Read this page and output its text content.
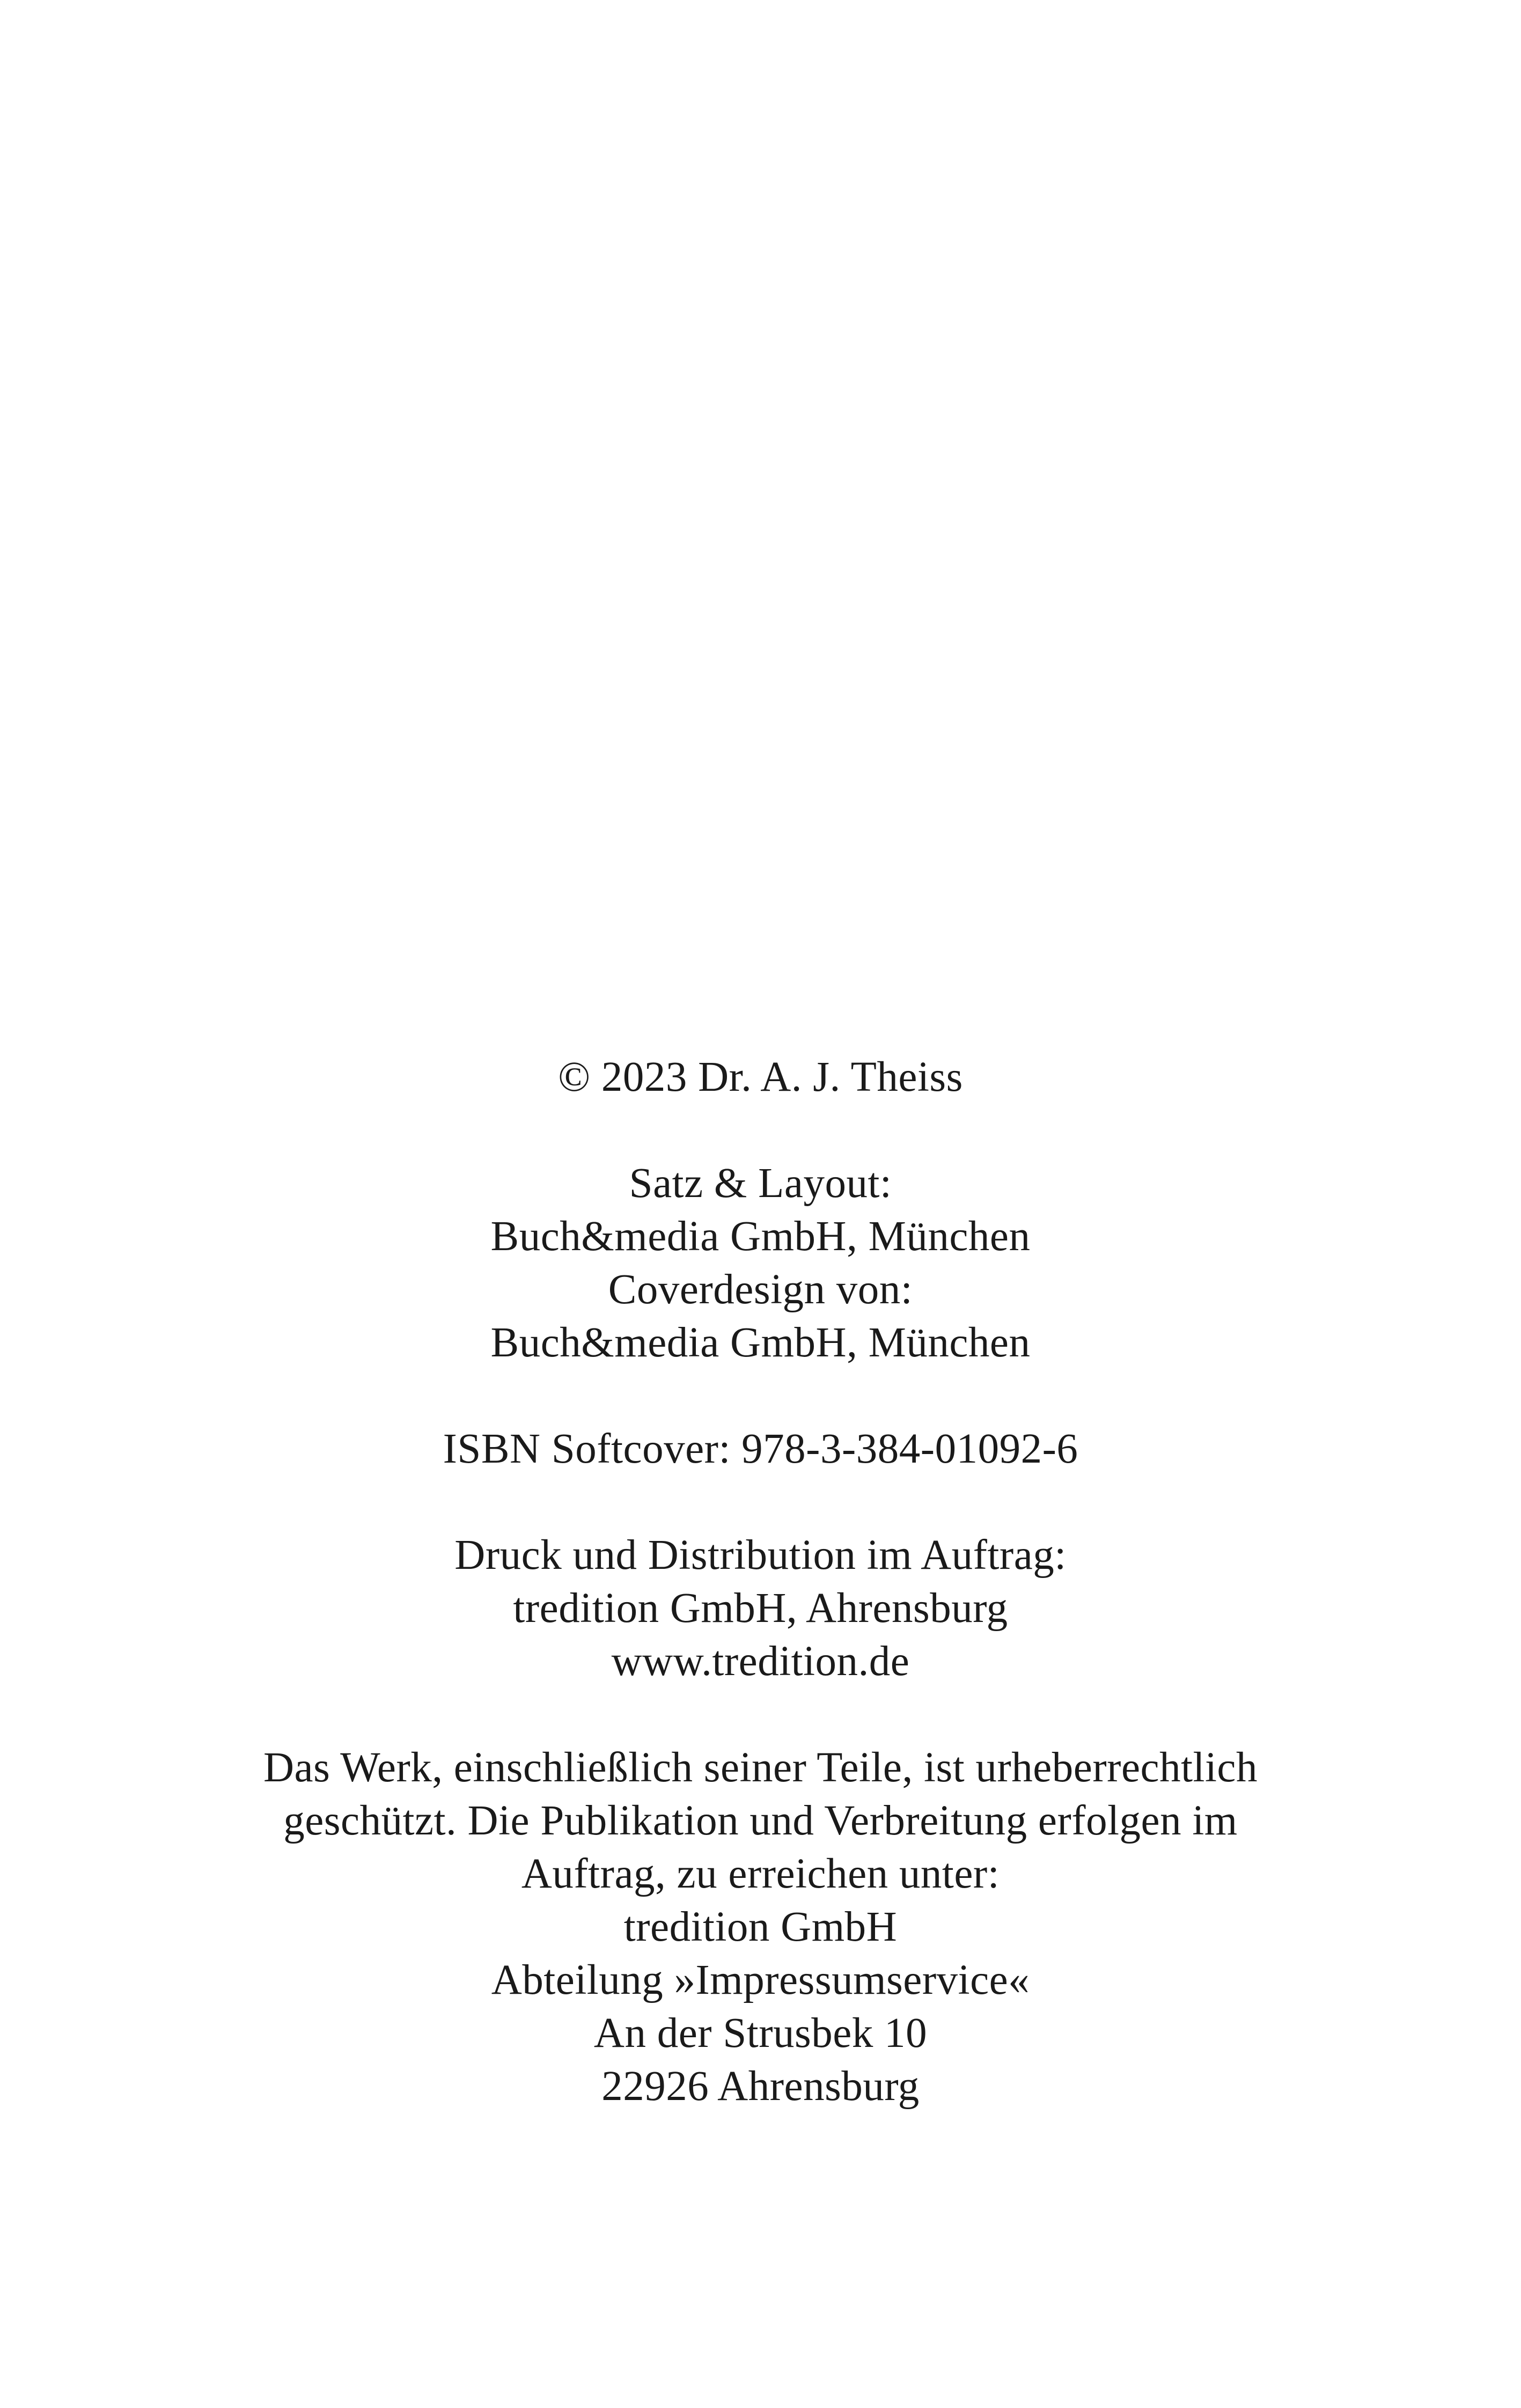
© 2023 Dr. A. J. Theiss

Satz & Layout:
Buch&media GmbH, München
Coverdesign von:
Buch&media GmbH, München

ISBN Softcover: 978-3-384-01092-6

Druck und Distribution im Auftrag:
tredition GmbH, Ahrensburg
www.tredition.de

Das Werk, einschließlich seiner Teile, ist urheberrechtlich
geschützt. Die Publikation und Verbreitung erfolgen im
Auftrag, zu erreichen unter:
tredition GmbH
Abteilung »Impressumservice«
An der Strusbek 10
22926 Ahrensburg
